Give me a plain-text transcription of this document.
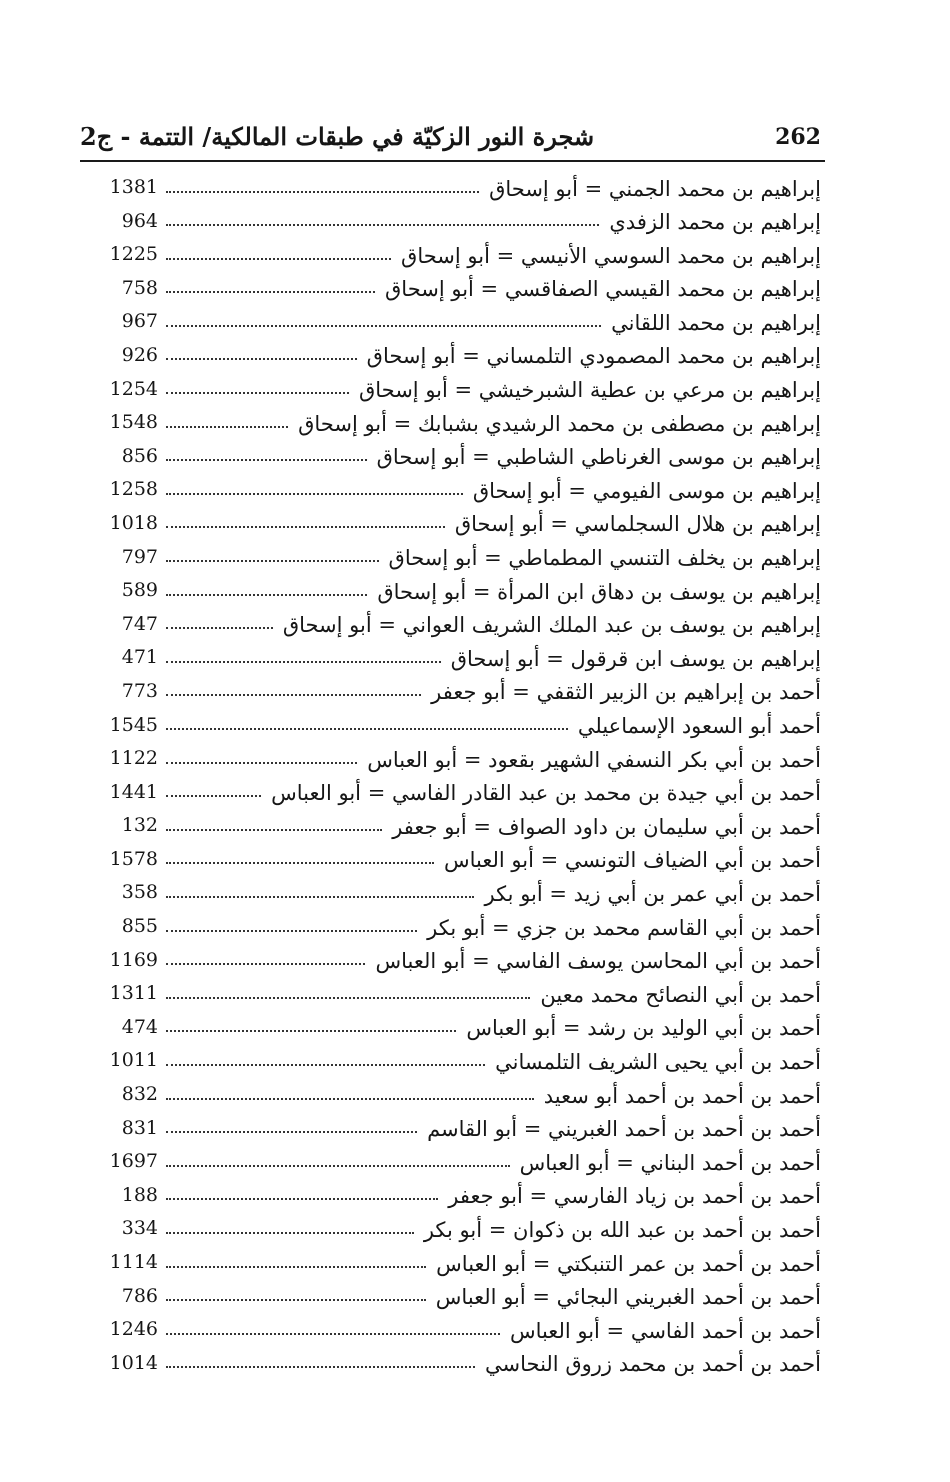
شجرة النور الزكيّة في طبقات المالكية/ التتمة - ج2	262
1381	إبراهيم بن محمد الجمني = أبو إسحاق
964	إبراهيم بن محمد الزفدي
1225	إبراهيم بن محمد السوسي الأنيسي = أبو إسحاق
758	إبراهيم بن محمد القيسي الصفاقسي = أبو إسحاق
967	إبراهيم بن محمد اللقاني
926	إبراهيم بن محمد المصمودي التلمساني = أبو إسحاق
1254	إبراهيم بن مرعي بن عطية الشبرخيشي = أبو إسحاق
1548	إبراهيم بن مصطفى بن محمد الرشيدي بشبابك = أبو إسحاق
856	إبراهيم بن موسى الغرناطي الشاطبي = أبو إسحاق
1258	إبراهيم بن موسى الفيومي = أبو إسحاق
1018	إبراهيم بن هلال السجلماسي = أبو إسحاق
797	إبراهيم بن يخلف التنسي المطماطي = أبو إسحاق
589	إبراهيم بن يوسف بن دهاق ابن المرأة = أبو إسحاق
747	إبراهيم بن يوسف بن عبد الملك الشريف العواني = أبو إسحاق
471	إبراهيم بن يوسف ابن قرقول = أبو إسحاق
773	أحمد بن إبراهيم بن الزبير الثقفي = أبو جعفر
1545	أحمد أبو السعود الإسماعيلي
1122	أحمد بن أبي بكر النسفي الشهير بقعود = أبو العباس
1441	أحمد بن أبي جيدة بن محمد بن عبد القادر الفاسي = أبو العباس
132	أحمد بن أبي سليمان بن داود الصواف = أبو جعفر
1578	أحمد بن أبي الضياف التونسي = أبو العباس
358	أحمد بن أبي عمر بن أبي زيد = أبو بكر
855	أحمد بن أبي القاسم محمد بن جزي = أبو بكر
1169	أحمد بن أبي المحاسن يوسف الفاسي = أبو العباس
1311	أحمد بن أبي النصائح محمد معين
474	أحمد بن أبي الوليد بن رشد = أبو العباس
1011	أحمد بن أبي يحيى الشريف التلمساني
832	أحمد بن أحمد بن أحمد أبو سعيد
831	أحمد بن أحمد بن أحمد الغبريني = أبو القاسم
1697	أحمد بن أحمد البناني = أبو العباس
188	أحمد بن أحمد بن زياد الفارسي = أبو جعفر
334	أحمد بن أحمد بن عبد الله بن ذكوان = أبو بكر
1114	أحمد بن أحمد بن عمر التنبكتي = أبو العباس
786	أحمد بن أحمد الغبريني البجائي = أبو العباس
1246	أحمد بن أحمد الفاسي = أبو العباس
1014	أحمد بن أحمد بن محمد زروق النحاسي
